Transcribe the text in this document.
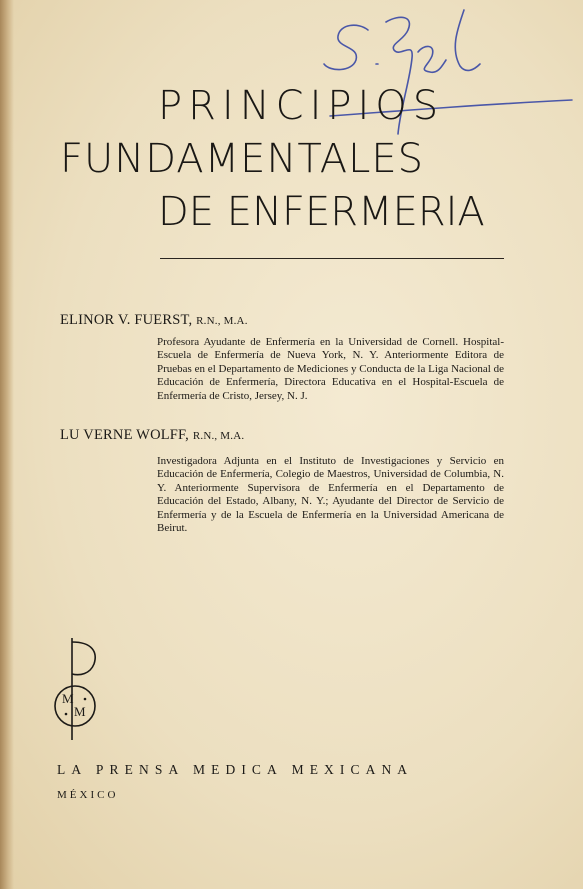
PRINCIPIOS
FUNDAMENTALES
DE ENFERMERIA
ELINOR V. FUERST, R.N., M.A.
Profesora Ayudante de Enfermería en la Universidad de Cornell. Hospital-Escuela de Enfermería de Nueva York, N. Y. Anteriormente Editora de Pruebas en el Departamento de Mediciones y Conducta de la Liga Nacional de Educación de Enfermería, Directora Educativa en el Hospital-Escuela de Enfermería de Cristo, Jersey, N. J.
LU VERNE WOLFF, R.N., M.A.
Investigadora Adjunta en el Instituto de Investigaciones y Servicio en Educación de Enfermería, Colegio de Maestros, Universidad de Columbia, N. Y. Anteriormente Supervisora de Enfermería en el Departamento de Educación del Estado, Albany, N. Y.; Ayudante del Director de Servicio de Enfermería y de la Escuela de Enfermería en la Universidad Americana de Beirut.
M
M
LA PRENSA MEDICA MEXICANA
MÉXICO
